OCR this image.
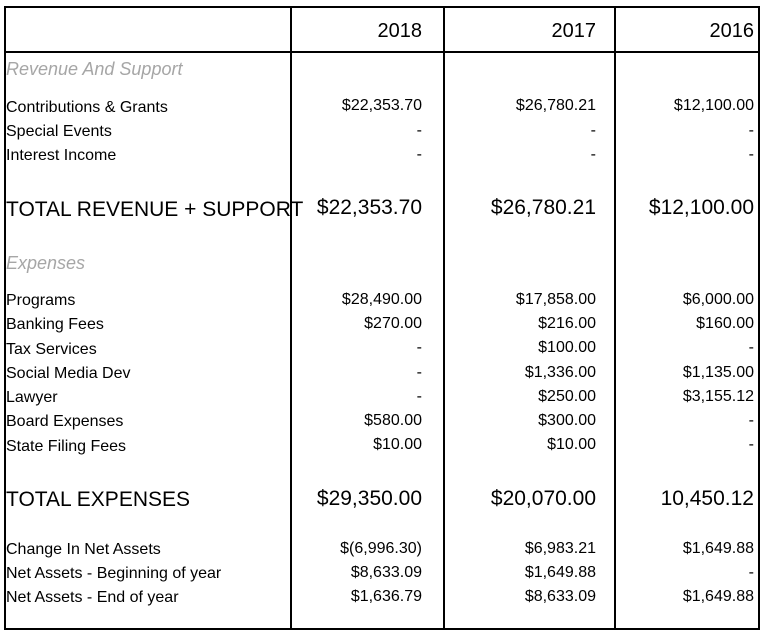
2018	2017	2016
Revenue And Support
Contributions & Grants	$22,353.70	$26,780.21	$12,100.00
Special Events	-	-	-
Interest Income	-	-	-
TOTAL REVENUE + SUPPORT $22,353.70	$26,780.21	$12,100.00
Expenses
Programs	$28,490.00	$17,858.00	$6,000.00
Banking Fees	$270.00	$216.00	$160.00
Tax Services	-	$100.00	-
Social Media Dev	-	$1,336.00	$1,135.00
Lawyer	-	$250.00	$3,155.12
Board Expenses	$580.00	$300.00	-
State Filing Fees	$10.00	$10.00	-
TOTAL EXPENSES	$29,350.00	$20,070.00	10,450.12
Change In Net Assets	$(6,996.30)	$6,983.21	$1,649.88
Net Assets - Beginning of year	$8,633.09	$1,649.88	-
Net Assets - End of year	$1,636.79	$8,633.09	$1,649.88
